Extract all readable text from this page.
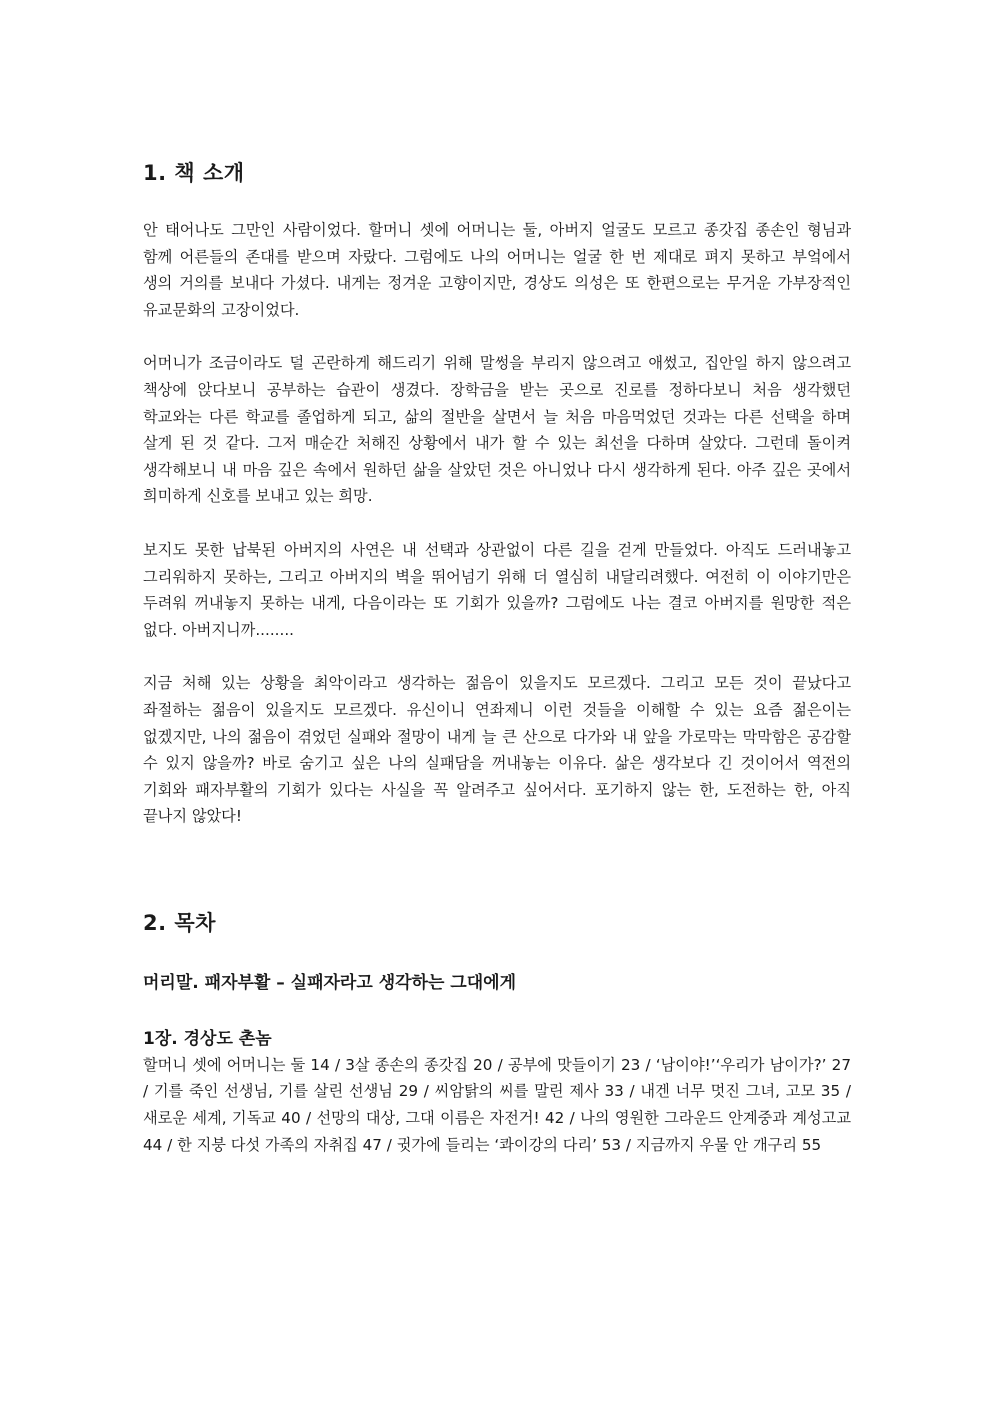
1. 책 소개

안 태어나도 그만인 사람이었다. 할머니 셋에 어머니는 둘, 아버지 얼굴도 모르고 종갓집 종손인 형님과 함께 어른들의 존대를 받으며 자랐다. 그럼에도 나의 어머니는 얼굴 한 번 제대로 펴지 못하고 부엌에서 생의 거의를 보내다 가셨다. 내게는 정겨운 고향이지만, 경상도 의성은 또 한편으로는 무거운 가부장적인 유교문화의 고장이었다.

어머니가 조금이라도 덜 곤란하게 해드리기 위해 말썽을 부리지 않으려고 애썼고, 집안일 하지 않으려고 책상에 앉다보니 공부하는 습관이 생겼다. 장학금을 받는 곳으로 진로를 정하다보니 처음 생각했던 학교와는 다른 학교를 졸업하게 되고, 삶의 절반을 살면서 늘 처음 마음먹었던 것과는 다른 선택을 하며 살게 된 것 같다. 그저 매순간 처해진 상황에서 내가 할 수 있는 최선을 다하며 살았다. 그런데 돌이켜 생각해보니 내 마음 깊은 속에서 원하던 삶을 살았던 것은 아니었나 다시 생각하게 된다. 아주 깊은 곳에서 희미하게 신호를 보내고 있는 희망.

보지도 못한 납북된 아버지의 사연은 내 선택과 상관없이 다른 길을 걷게 만들었다. 아직도 드러내놓고 그리워하지 못하는, 그리고 아버지의 벽을 뛰어넘기 위해 더 열심히 내달리려했다. 여전히 이 이야기만은 두려워 꺼내놓지 못하는 내게, 다음이라는 또 기회가 있을까? 그럼에도 나는 결코 아버지를 원망한 적은 없다. 아버지니까........

지금 처해 있는 상황을 최악이라고 생각하는 젊음이 있을지도 모르겠다. 그리고 모든 것이 끝났다고 좌절하는 젊음이 있을지도 모르겠다. 유신이니 연좌제니 이런 것들을 이해할 수 있는 요즘 젊은이는 없겠지만, 나의 젊음이 겪었던 실패와 절망이 내게 늘 큰 산으로 다가와 내 앞을 가로막는 막막함은 공감할 수 있지 않을까? 바로 숨기고 싶은 나의 실패담을 꺼내놓는 이유다. 삶은 생각보다 긴 것이어서 역전의 기회와 패자부활의 기회가 있다는 사실을 꼭 알려주고 싶어서다. 포기하지 않는 한, 도전하는 한, 아직 끝나지 않았다!

2. 목차
머리말. 패자부활 – 실패자라고 생각하는 그대에게
1장. 경상도 촌놈

할머니 셋에 어머니는 둘 14 / 3살 종손의 종갓집 20 / 공부에 맛들이기 23 / ‘남이야!’‘우리가 남이가?’ 27 / 기를 죽인 선생님, 기를 살린 선생님 29 / 씨암탉의 씨를 말린 제사 33 / 내겐 너무 멋진 그녀, 고모 35 / 새로운 세계, 기독교 40 / 선망의 대상, 그대 이름은 자전거! 42 / 나의 영원한 그라운드 안계중과 계성고교 44 / 한 지붕 다섯 가족의 자취집 47 / 귓가에 들리는 ‘콰이강의 다리’ 53 / 지금까지 우물 안 개구리 55
